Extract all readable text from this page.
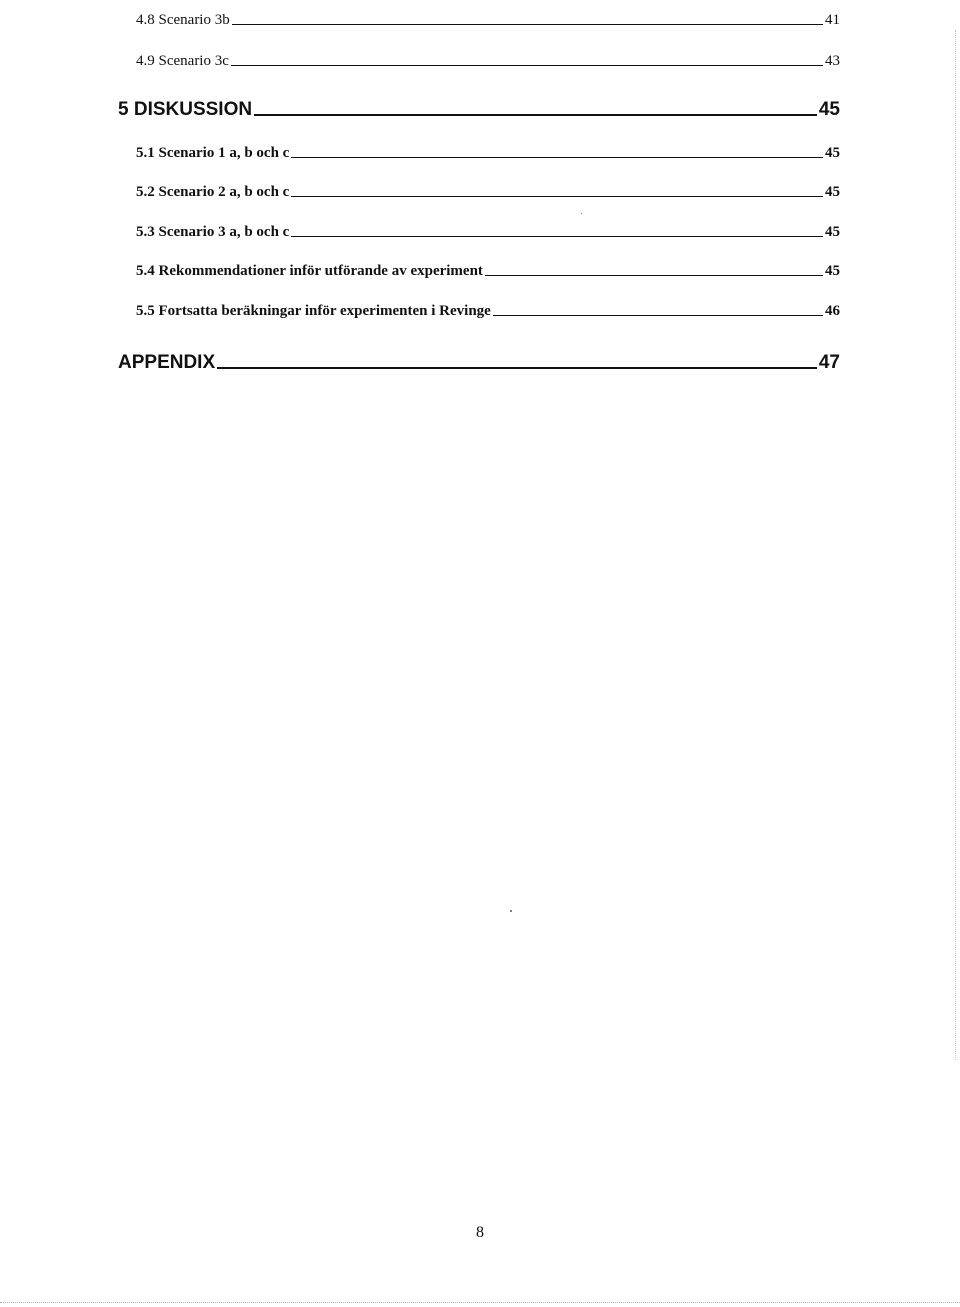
4.8 Scenario 3b	41
4.9 Scenario 3c	43
5 DISKUSSION	45
5.1 Scenario 1 a, b och c	45
5.2 Scenario 2 a, b och c	45
5.3 Scenario 3 a, b och c	45
5.4 Rekommendationer inför utförande av experiment	45
5.5 Fortsatta beräkningar inför experimenten i Revinge	46
APPENDIX	47
8
